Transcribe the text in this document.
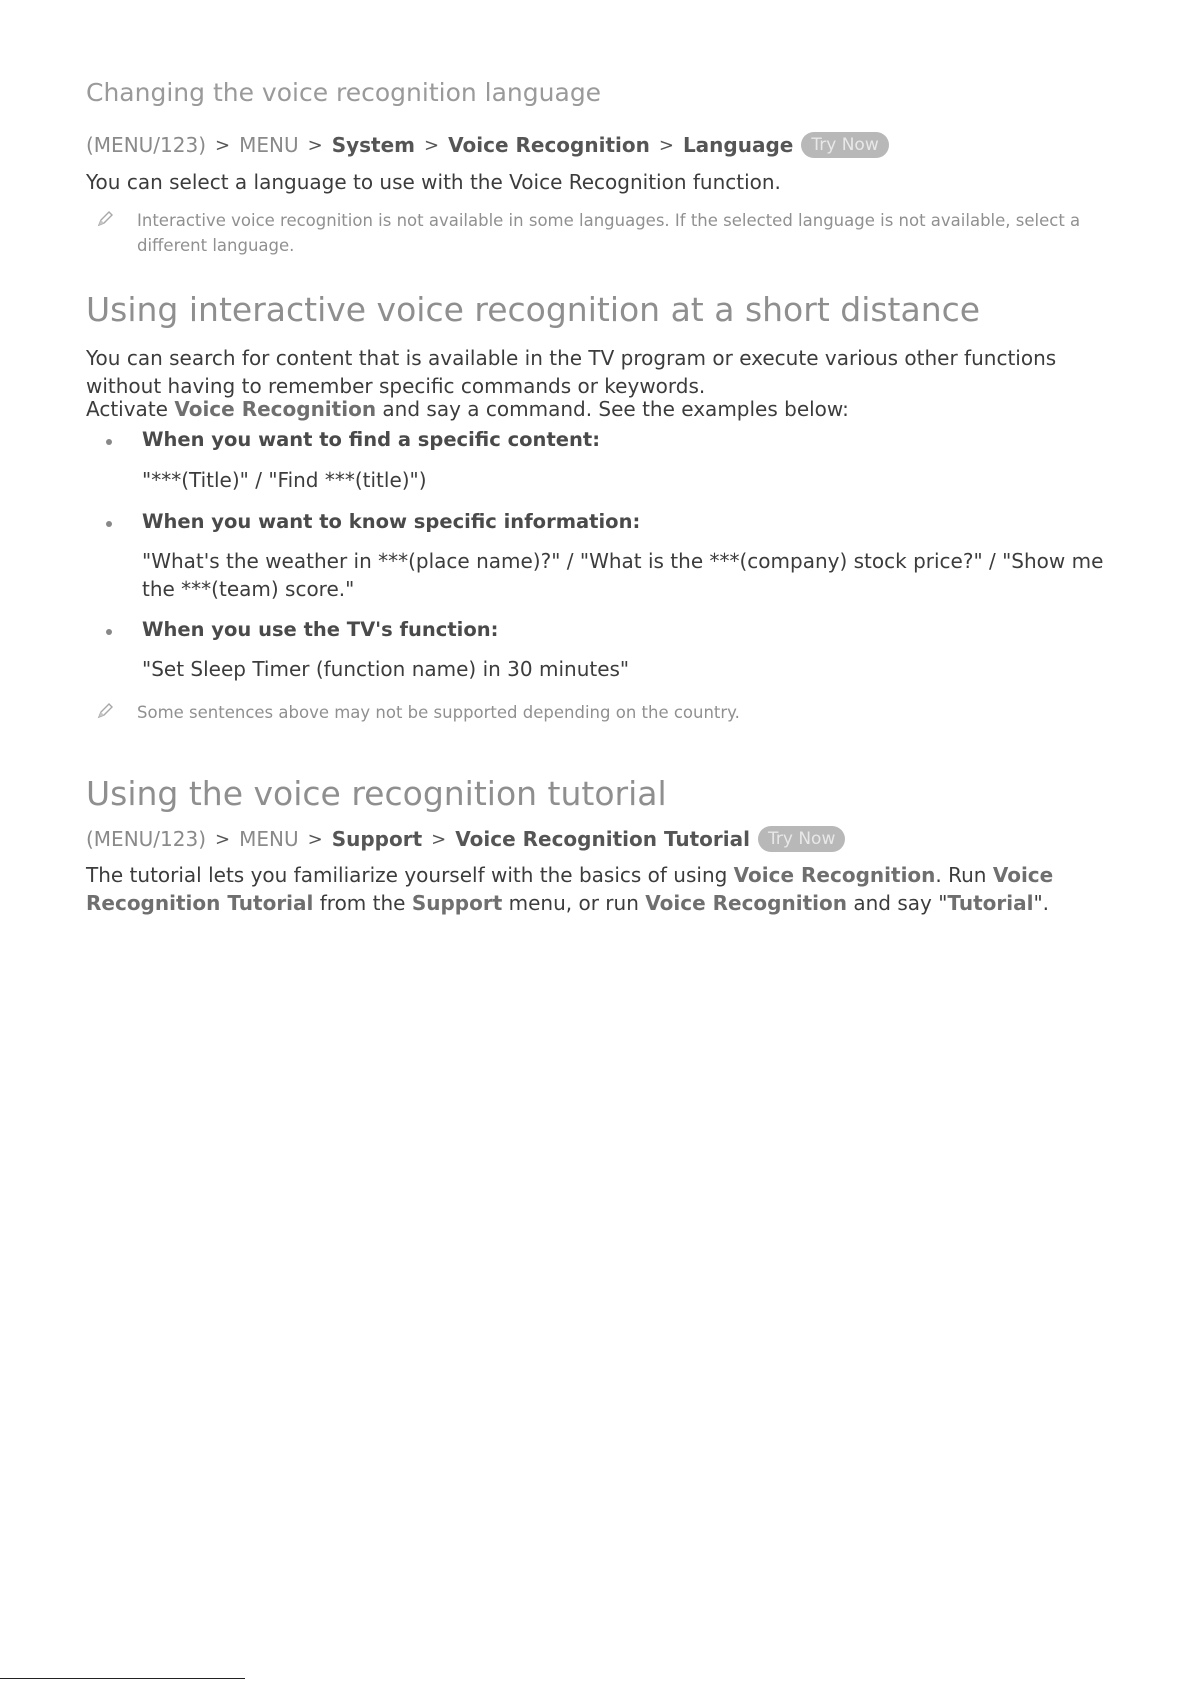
Changing the voice recognition language
(MENU/123) > MENU > System > Voice Recognition > Language	Try Now
You can select a language to use with the Voice Recognition function.
Interactive voice recognition is not available in some languages. If the selected language is not available, select a different language.
Using interactive voice recognition at a short distance
You can search for content that is available in the TV program or execute various other functions without having to remember specific commands or keywords.
Activate Voice Recognition and say a command. See the examples below:
When you want to find a specific content:
"***(Title)" / "Find ***(title)")
When you want to know specific information:
"What's the weather in ***(place name)?" / "What is the ***(company) stock price?" / "Show me the ***(team) score."
When you use the TV's function:
"Set Sleep Timer (function name) in 30 minutes"
Some sentences above may not be supported depending on the country.
Using the voice recognition tutorial
(MENU/123) > MENU > Support > Voice Recognition Tutorial	Try Now
The tutorial lets you familiarize yourself with the basics of using Voice Recognition. Run Voice Recognition Tutorial from the Support menu, or run Voice Recognition and say "Tutorial".
